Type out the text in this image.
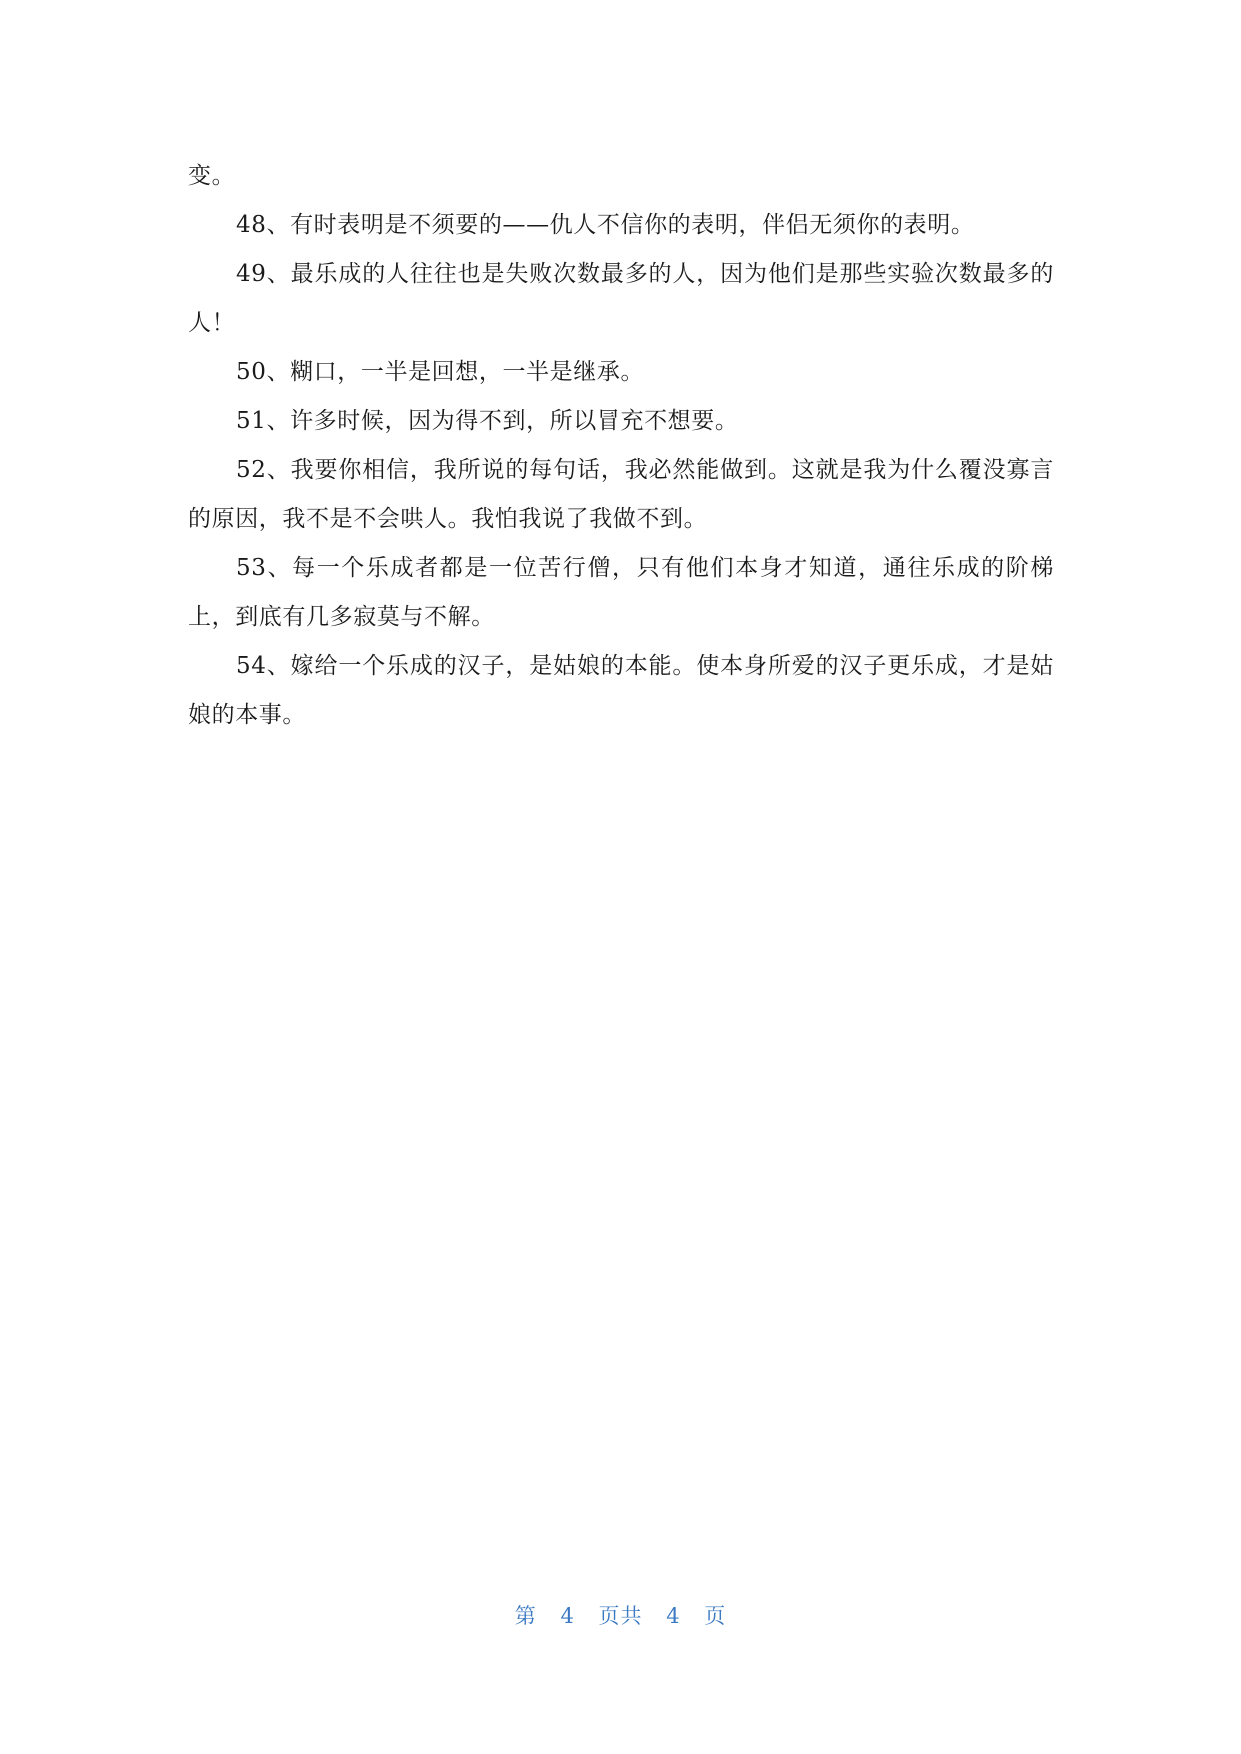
变。

48、有时表明是不须要的——仇人不信你的表明，伴侣无须你的表明。

49、最乐成的人往往也是失败次数最多的人，因为他们是那些实验次数最多的人！

50、糊口，一半是回想，一半是继承。

51、许多时候，因为得不到，所以冒充不想要。

52、我要你相信，我所说的每句话，我必然能做到。这就是我为什么覆没寡言的原因，我不是不会哄人。我怕我说了我做不到。

53、每一个乐成者都是一位苦行僧，只有他们本身才知道，通往乐成的阶梯上，到底有几多寂莫与不解。

54、嫁给一个乐成的汉子，是姑娘的本能。使本身所爱的汉子更乐成，才是姑娘的本事。

第 4 页共 4 页
